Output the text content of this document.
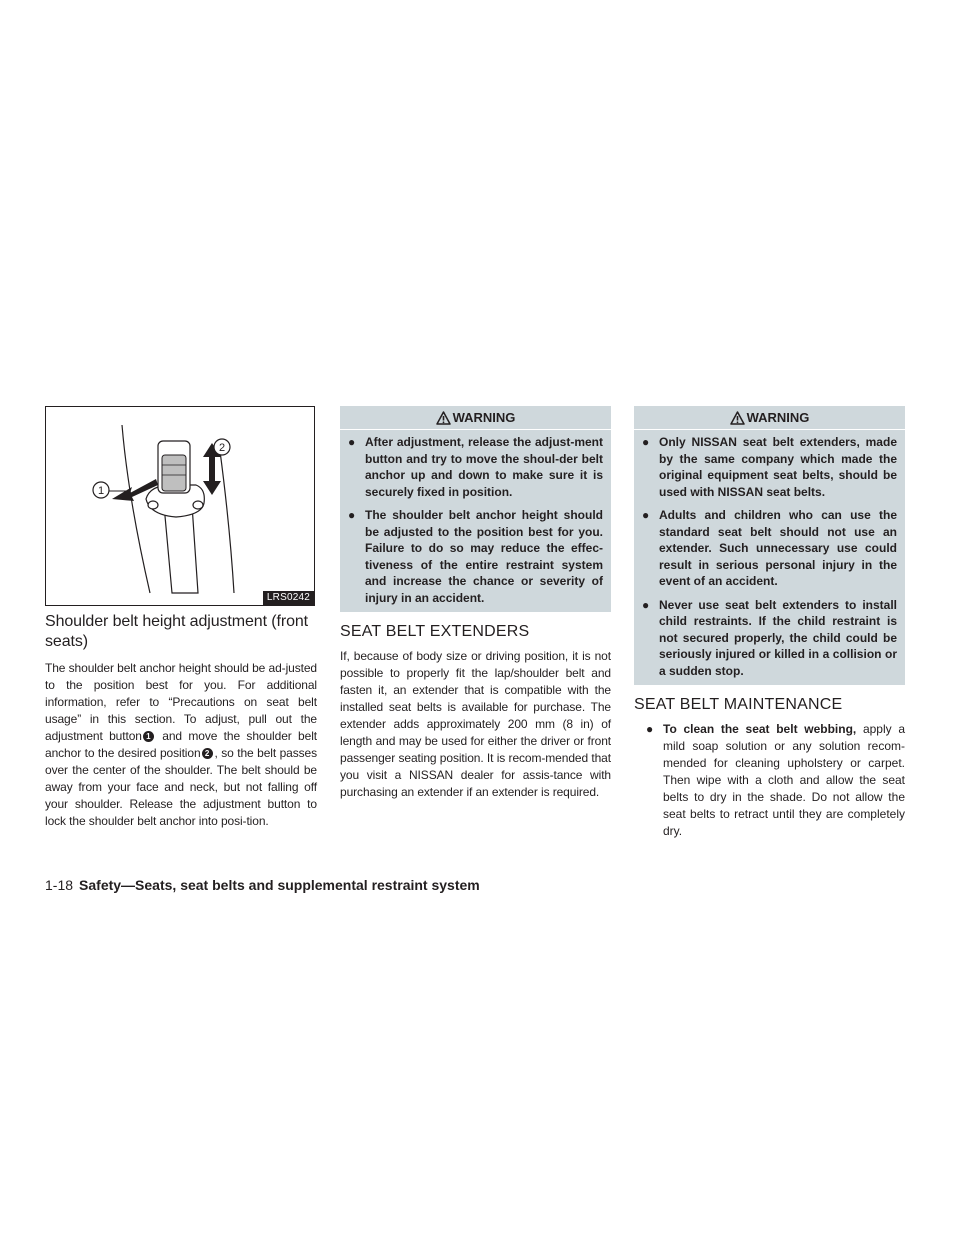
1
2
LRS0242
Shoulder belt height adjustment (front seats)

The shoulder belt anchor height should be ad-justed to the position best for you. For additional information, refer to “Precautions on seat belt usage” in this section. To adjust, pull out the adjustment button 1 and move the shoulder belt anchor to the desired position 2 , so the belt passes over the center of the shoulder. The belt should be away from your face and neck, but not falling off your shoulder. Release the adjustment button to lock the shoulder belt anchor into posi-tion.

WARNING
● After adjustment, release the adjust-ment button and try to move the shoul-der belt anchor up and down to make sure it is securely fixed in position.
● The shoulder belt anchor height should be adjusted to the position best for you. Failure to do so may reduce the effec-tiveness of the entire restraint system and increase the chance or severity of injury in an accident.
SEAT BELT EXTENDERS

If, because of body size or driving position, it is not possible to properly fit the lap/shoulder belt and fasten it, an extender that is compatible with the installed seat belts is available for purchase. The extender adds approximately 200 mm (8 in) of length and may be used for either the driver or front passenger seating position. It is recom-mended that you visit a NISSAN dealer for assis-tance with purchasing an extender if an extender is required.

WARNING
● Only NISSAN seat belt extenders, made by the same company which made the original equipment seat belts, should be used with NISSAN seat belts.
● Adults and children who can use the standard seat belt should not use an extender. Such unnecessary use could result in serious personal injury in the event of an accident.
● Never use seat belt extenders to install child restraints. If the child restraint is not secured properly, the child could be seriously injured or killed in a collision or a sudden stop.
SEAT BELT MAINTENANCE
● To clean the seat belt webbing, apply a mild soap solution or any solution recom-mended for cleaning upholstery or carpet. Then wipe with a cloth and allow the seat belts to dry in the shade. Do not allow the seat belts to retract until they are completely dry.
1-18 Safety—Seats, seat belts and supplemental restraint system
